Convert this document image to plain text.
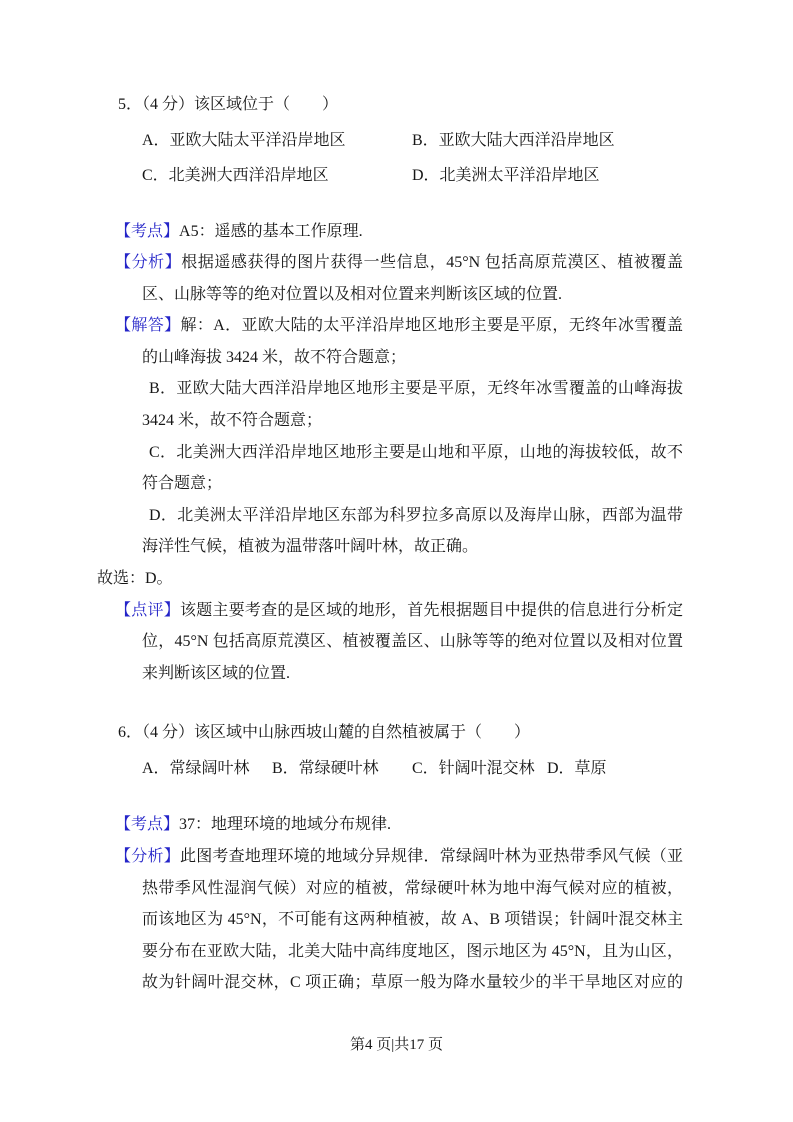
5．（4 分）该区域位于（　　）
A．亚欧大陆太平洋沿岸地区	B．亚欧大陆大西洋沿岸地区
C．北美洲大西洋沿岸地区	D．北美洲太平洋沿岸地区
【考点】A5：遥感的基本工作原理.
【分析】根据遥感获得的图片获得一些信息，45°N 包括高原荒漠区、植被覆盖
区、山脉等等的绝对位置以及相对位置来判断该区域的位置.
【解答】解：A．亚欧大陆的太平洋沿岸地区地形主要是平原，无终年冰雪覆盖
的山峰海拔 3424 米，故不符合题意；
B．亚欧大陆大西洋沿岸地区地形主要是平原，无终年冰雪覆盖的山峰海拔
3424 米，故不符合题意；
C．北美洲大西洋沿岸地区地形主要是山地和平原，山地的海拔较低，故不
符合题意；
D．北美洲太平洋沿岸地区东部为科罗拉多高原以及海岸山脉，西部为温带
海洋性气候，植被为温带落叶阔叶林，故正确。
故选：D。
【点评】该题主要考查的是区域的地形，首先根据题目中提供的信息进行分析定
位，45°N 包括高原荒漠区、植被覆盖区、山脉等等的绝对位置以及相对位置
来判断该区域的位置.
6．（4 分）该区域中山脉西坡山麓的自然植被属于（　　）
A．常绿阔叶林 B．常绿硬叶林 C．针阔叶混交林 D．草原
【考点】37：地理环境的地域分布规律.
【分析】此图考查地理环境的地域分异规律．常绿阔叶林为亚热带季风气候（亚
热带季风性湿润气候）对应的植被，常绿硬叶林为地中海气候对应的植被，
而该地区为 45°N，不可能有这两种植被，故 A、B 项错误；针阔叶混交林主
要分布在亚欧大陆，北美大陆中高纬度地区，图示地区为 45°N，且为山区，
故为针阔叶混交林，C 项正确；草原一般为降水量较少的半干旱地区对应的
第4 页|共17 页
